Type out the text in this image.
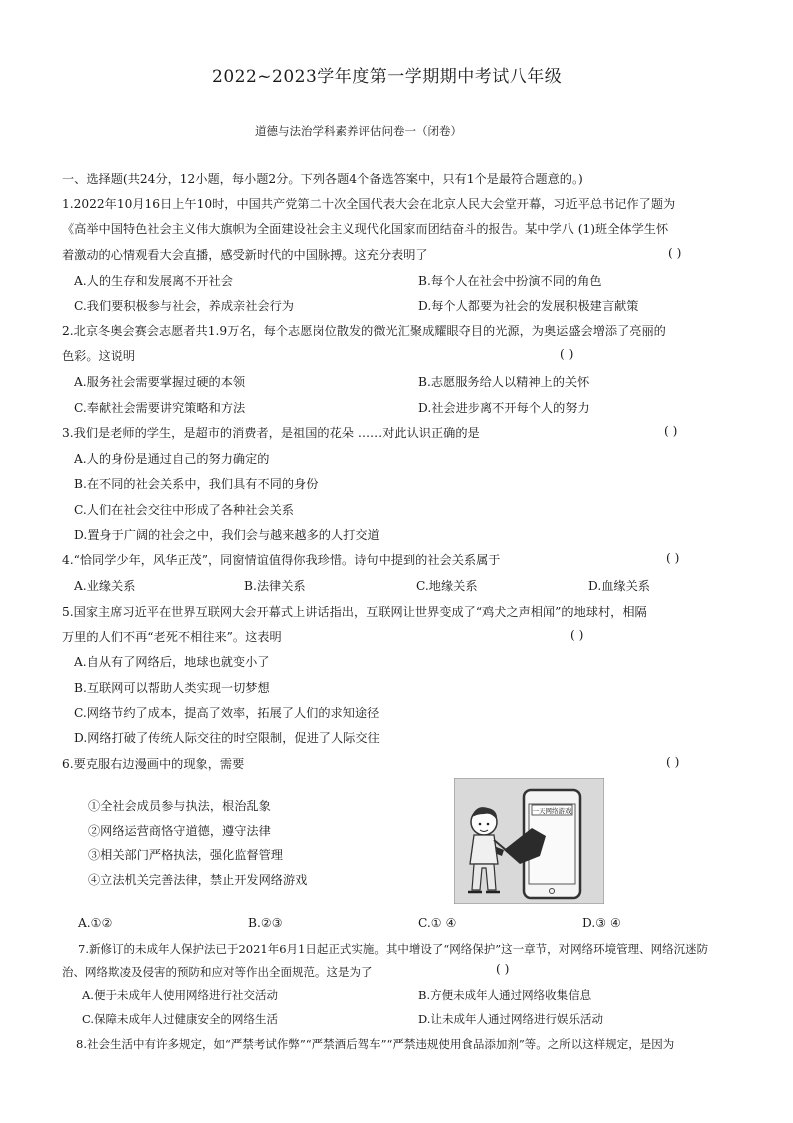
2022~2023学年度第一学期期中考试八年级
道德与法治学科素养评估问卷一（闭卷）
一、选择题(共24分，12小题，每小题2分。下列各题4个备选答案中，只有1个是最符合题意的。)
1.2022年10月16日上午10时，中国共产党第二十次全国代表大会在北京人民大会堂开幕，习近平总书记作了题为
《高举中国特色社会主义伟大旗帜为全面建设社会主义现代化国家而团结奋斗的报告。某中学八 (1)班全体学生怀
着激动的心情观看大会直播，感受新时代的中国脉搏。这充分表明了	( )
A.人的生存和发展离不开社会	B.每个人在社会中扮演不同的角色
C.我们要积极参与社会，养成亲社会行为	D.每个人都要为社会的发展积极建言献策
2.北京冬奥会赛会志愿者共1.9万名，每个志愿岗位散发的微光汇聚成耀眼夺目的光源，为奥运盛会增添了亮丽的
色彩。这说明	( )
A.服务社会需要掌握过硬的本领	B.志愿服务给人以精神上的关怀
C.奉献社会需要讲究策略和方法	D.社会进步离不开每个人的努力
3.我们是老师的学生，是超市的消费者，是祖国的花朵 ……对此认识正确的是	( )
A.人的身份是通过自己的努力确定的
B.在不同的社会关系中，我们具有不同的身份
C.人们在社会交往中形成了各种社会关系
D.置身于广阔的社会之中，我们会与越来越多的人打交道
4.“恰同学少年，风华正茂”，同窗情谊值得你我珍惜。诗句中提到的社会关系属于	( )
A.业缘关系	B.法律关系	C.地缘关系	D.血缘关系
5.国家主席习近平在世界互联网大会开幕式上讲话指出，互联网让世界变成了“鸡犬之声相闻”的地球村，相隔
万里的人们不再“老死不相往来”。这表明	( )
A.自从有了网络后，地球也就变小了
B.互联网可以帮助人类实现一切梦想
C.网络节约了成本，提高了效率，拓展了人们的求知途径
D.网络打破了传统人际交往的时空限制，促进了人际交往
6.要克服右边漫画中的现象，需要	( )
①全社会成员参与执法，根治乱象
②网络运营商恪守道德，遵守法律
③相关部门严格执法，强化监督管理
④立法机关完善法律，禁止开发网络游戏
一天网络游戏
A.①②	B.②③	C.① ④	D.③ ④
7.新修订的未成年人保护法已于2021年6月1日起正式实施。其中增设了“网络保护”这一章节，对网络环境管理、网络沉迷防
治、网络欺凌及侵害的预防和应对等作出全面规范。这是为了	( )
A.便于未成年人使用网络进行社交活动	B.方便未成年人通过网络收集信息
C.保障未成年人过健康安全的网络生活	D.让未成年人通过网络进行娱乐活动
8.社会生活中有许多规定，如“严禁考试作弊”“严禁酒后驾车”“严禁违规使用食品添加剂”等。之所以这样规定，是因为
